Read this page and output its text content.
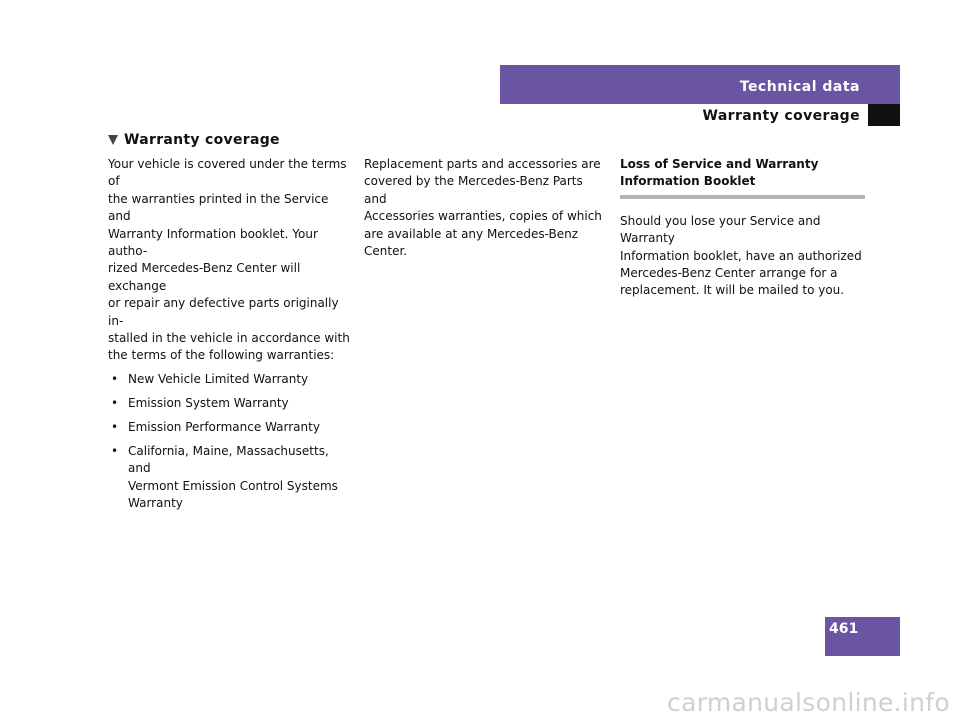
Technical data
Warranty coverage
Warranty coverage

Your vehicle is covered under the terms of
the warranties printed in the Service and
Warranty Information booklet. Your autho-
rized Mercedes-Benz Center will exchange
or repair any defective parts originally in-
stalled in the vehicle in accordance with
the terms of the following warranties:

• New Vehicle Limited Warranty
• Emission System Warranty
• Emission Performance Warranty
• California, Maine, Massachusetts, and
Vermont Emission Control Systems
Warranty

Replacement parts and accessories are
covered by the Mercedes-Benz Parts and
Accessories warranties, copies of which
are available at any Mercedes-Benz
Center.

Loss of Service and Warranty
Information Booklet

Should you lose your Service and Warranty
Information booklet, have an authorized
Mercedes-Benz Center arrange for a
replacement. It will be mailed to you.

461
carmanualsonline.info
